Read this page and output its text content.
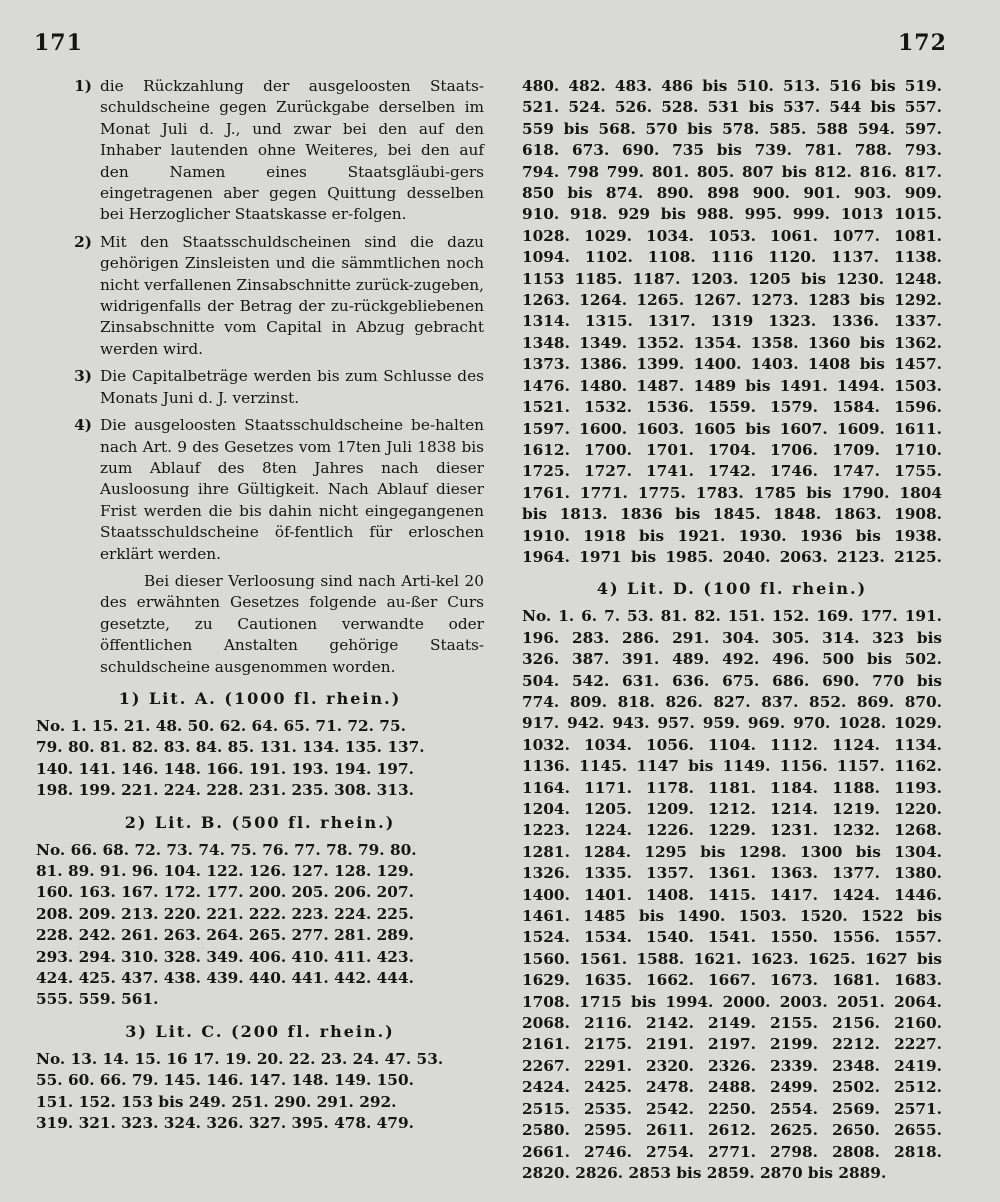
171	172
1) die Rückzahlung der ausgeloosten Staats-schuldscheine gegen Zurückgabe derselben im Monat Juli d. J., und zwar bei den auf den Inhaber lautenden ohne Weiteres, bei den auf den Namen eines Staatsgläubi-gers eingetragenen aber gegen Quittung desselben bei Herzoglicher Staatskasse er-folgen.
2) Mit den Staatsschuldscheinen sind die dazu gehörigen Zinsleisten und die sämmtlichen noch nicht verfallenen Zinsabschnitte zurück-zugeben, widrigenfalls der Betrag der zu-rückgebliebenen Zinsabschnitte vom Capital in Abzug gebracht werden wird.
3) Die Capitalbeträge werden bis zum Schlusse des Monats Juni d. J. verzinst.
4) Die ausgeloosten Staatsschuldscheine be-halten nach Art. 9 des Gesetzes vom 17ten Juli 1838 bis zum Ablauf des 8ten Jahres nach dieser Ausloosung ihre Gültigkeit. Nach Ablauf dieser Frist werden die bis dahin nicht eingegangenen Staatsschuldscheine öf-fentlich für erloschen erklärt werden.
Bei dieser Verloosung sind nach Arti-kel 20 des erwähnten Gesetzes folgende au-ßer Curs gesetzte, zu Cautionen verwandte oder öffentlichen Anstalten gehörige Staats-schuldscheine ausgenommen worden.
1) Lit. A. (1000 fl. rhein.)
No. 1. 15. 21. 48. 50. 62. 64. 65. 71. 72. 75.
79. 80. 81. 82. 83. 84. 85. 131. 134. 135. 137.
140. 141. 146. 148. 166. 191. 193. 194. 197.
198. 199. 221. 224. 228. 231. 235. 308. 313.
2) Lit. B. (500 fl. rhein.)
No. 66. 68. 72. 73. 74. 75. 76. 77. 78. 79. 80.
81. 89. 91. 96. 104. 122. 126. 127. 128. 129.
160. 163. 167. 172. 177. 200. 205. 206. 207.
208. 209. 213. 220. 221. 222. 223. 224. 225.
228. 242. 261. 263. 264. 265. 277. 281. 289.
293. 294. 310. 328. 349. 406. 410. 411. 423.
424. 425. 437. 438. 439. 440. 441. 442. 444.
555. 559. 561.
3) Lit. C. (200 fl. rhein.)
No. 13. 14. 15. 16 17. 19. 20. 22. 23. 24. 47. 53.
55. 60. 66. 79. 145. 146. 147. 148. 149. 150.
151. 152. 153 bis 249. 251. 290. 291. 292.
319. 321. 323. 324. 326. 327. 395. 478. 479.
480. 482. 483. 486 bis 510. 513. 516 bis 519.
521. 524. 526. 528. 531 bis 537. 544 bis 557.
559 bis 568. 570 bis 578. 585. 588 594. 597.
618. 673. 690. 735 bis 739. 781. 788. 793.
794. 798 799. 801. 805. 807 bis 812. 816. 817.
850 bis 874. 890. 898 900. 901. 903. 909.
910. 918. 929 bis 988. 995. 999. 1013 1015.
1028. 1029. 1034. 1053. 1061. 1077. 1081.
1094. 1102. 1108. 1116 1120. 1137. 1138.
1153 1185. 1187. 1203. 1205 bis 1230. 1248.
1263. 1264. 1265. 1267. 1273. 1283 bis 1292.
1314. 1315. 1317. 1319 1323. 1336. 1337.
1348. 1349. 1352. 1354. 1358. 1360 bis 1362.
1373. 1386. 1399. 1400. 1403. 1408 bis 1457.
1476. 1480. 1487. 1489 bis 1491. 1494. 1503.
1521. 1532. 1536. 1559. 1579. 1584. 1596.
1597. 1600. 1603. 1605 bis 1607. 1609. 1611.
1612. 1700. 1701. 1704. 1706. 1709. 1710.
1725. 1727. 1741. 1742. 1746. 1747. 1755.
1761. 1771. 1775. 1783. 1785 bis 1790. 1804
bis 1813. 1836 bis 1845. 1848. 1863. 1908.
1910. 1918 bis 1921. 1930. 1936 bis 1938.
1964. 1971 bis 1985. 2040. 2063. 2123. 2125.
4) Lit. D. (100 fl. rhein.)
No. 1. 6. 7. 53. 81. 82. 151. 152. 169. 177. 191.
196. 283. 286. 291. 304. 305. 314. 323 bis
326. 387. 391. 489. 492. 496. 500 bis 502.
504. 542. 631. 636. 675. 686. 690. 770 bis
774. 809. 818. 826. 827. 837. 852. 869. 870.
917. 942. 943. 957. 959. 969. 970. 1028. 1029.
1032. 1034. 1056. 1104. 1112. 1124. 1134.
1136. 1145. 1147 bis 1149. 1156. 1157. 1162.
1164. 1171. 1178. 1181. 1184. 1188. 1193.
1204. 1205. 1209. 1212. 1214. 1219. 1220.
1223. 1224. 1226. 1229. 1231. 1232. 1268.
1281. 1284. 1295 bis 1298. 1300 bis 1304.
1326. 1335. 1357. 1361. 1363. 1377. 1380.
1400. 1401. 1408. 1415. 1417. 1424. 1446.
1461. 1485 bis 1490. 1503. 1520. 1522 bis
1524. 1534. 1540. 1541. 1550. 1556. 1557.
1560. 1561. 1588. 1621. 1623. 1625. 1627 bis
1629. 1635. 1662. 1667. 1673. 1681. 1683.
1708. 1715 bis 1994. 2000. 2003. 2051. 2064.
2068. 2116. 2142. 2149. 2155. 2156. 2160.
2161. 2175. 2191. 2197. 2199. 2212. 2227.
2267. 2291. 2320. 2326. 2339. 2348. 2419.
2424. 2425. 2478. 2488. 2499. 2502. 2512.
2515. 2535. 2542. 2250. 2554. 2569. 2571.
2580. 2595. 2611. 2612. 2625. 2650. 2655.
2661. 2746. 2754. 2771. 2798. 2808. 2818.
2820. 2826. 2853 bis 2859. 2870 bis 2889.
